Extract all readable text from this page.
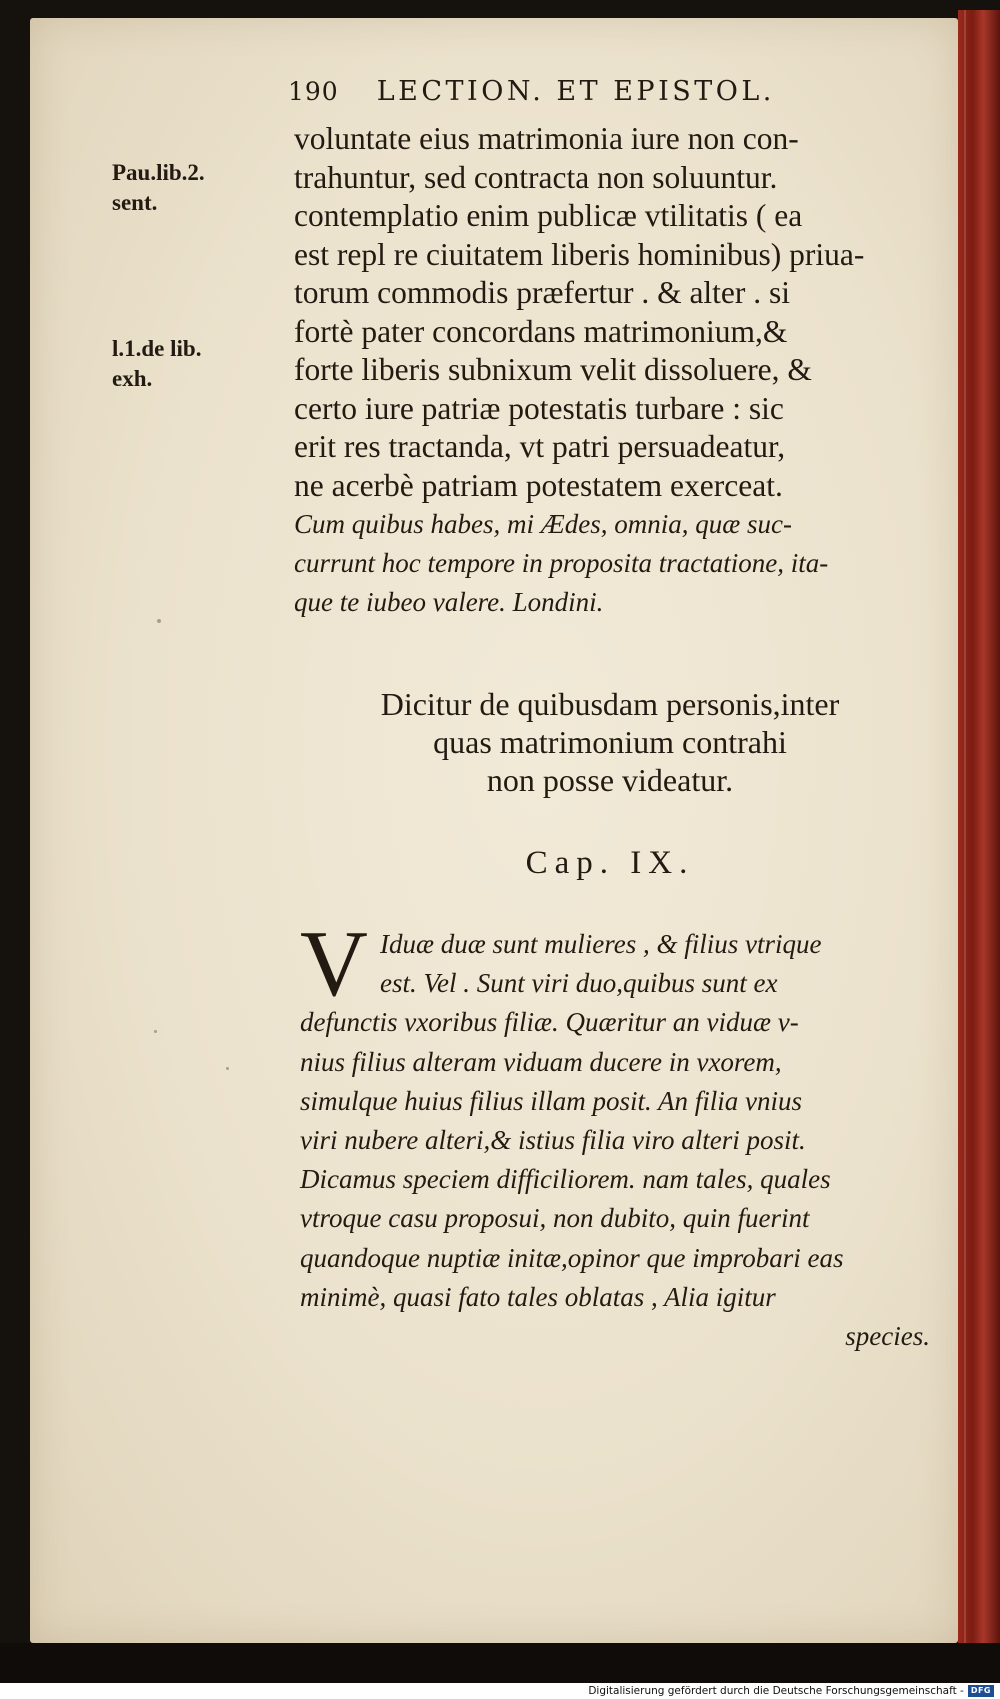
190 LECTION. ET EPISTOL.
Pau.lib.2.
sent.
l.1.de lib.
exh.
voluntate eius matrimonia iure non con-
trahuntur, sed contracta non soluuntur.
contemplatio enim publicæ vtilitatis ( ea
est repl re ciuitatem liberis hominibus) priua-
torum commodis præfertur . & alter . si
fortè pater concordans matrimonium,&
forte liberis subnixum velit dissoluere, &
certo iure patriæ potestatis turbare : sic
erit res tractanda, vt patri persuadeatur,
ne acerbè patriam potestatem exerceat.
Cum quibus habes, mi Ædes, omnia, quæ suc-
currunt hoc tempore in proposita tractatione, ita-
que te iubeo valere. Londini.
Dicitur de quibusdam personis,inter
quas matrimonium contrahi
non posse videatur.
Cap. IX.
V Iduæ duæ sunt mulieres , & filius vtrique
est. Vel . Sunt viri duo,quibus sunt ex
defunctis vxoribus filiæ. Quæritur an viduæ v-
nius filius alteram viduam ducere in vxorem,
simulque huius filius illam posit. An filia vnius
viri nubere alteri,& istius filia viro alteri posit.
Dicamus speciem difficiliorem. nam tales, quales
vtroque casu proposui, non dubito, quin fuerint
quandoque nuptiæ initæ,opinor que improbari eas
minimè, quasi fato tales oblatas , Alia igitur
species.
Digitalisierung gefördert durch die Deutsche Forschungsgemeinschaft - DFG
